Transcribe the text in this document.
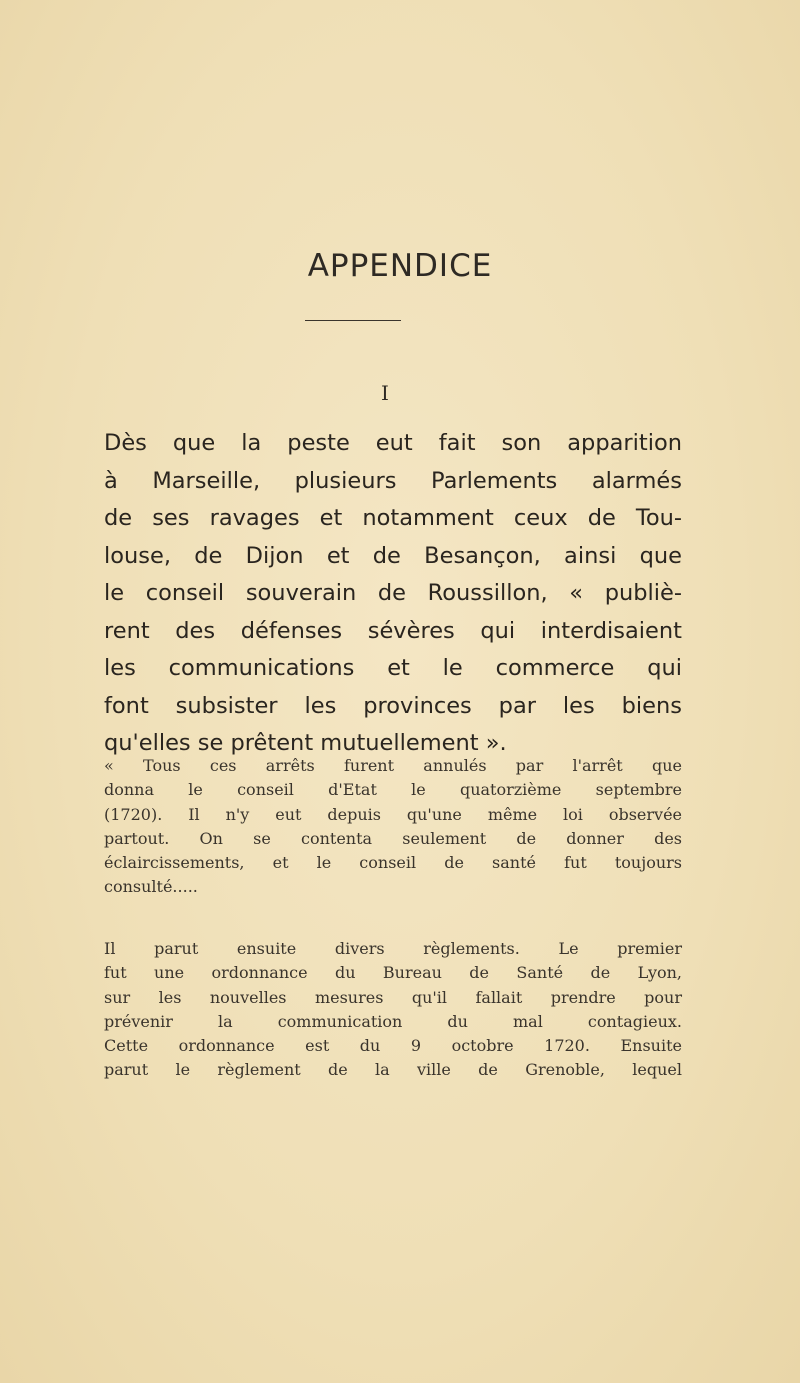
APPENDICE
I
Dès que la peste eut fait son apparition
à Marseille, plusieurs Parlements alarmés
de ses ravages et notamment ceux de Tou-
louse, de Dijon et de Besançon, ainsi que
le conseil souverain de Roussillon, « publiè-
rent des défenses sévères qui interdisaient
les communications et le commerce qui
font subsister les provinces par les biens
qu'elles se prêtent mutuellement ».
« Tous ces arrêts furent annulés par l'arrêt que
donna le conseil d'Etat le quatorzième septembre
(1720). Il n'y eut depuis qu'une même loi observée
partout. On se contenta seulement de donner des
éclaircissements, et le conseil de santé fut toujours
consulté.....
Il parut ensuite divers règlements. Le premier
fut une ordonnance du Bureau de Santé de Lyon,
sur les nouvelles mesures qu'il fallait prendre pour
prévenir la communication du mal contagieux.
Cette ordonnance est du 9 octobre 1720. Ensuite
parut le règlement de la ville de Grenoble, lequel
